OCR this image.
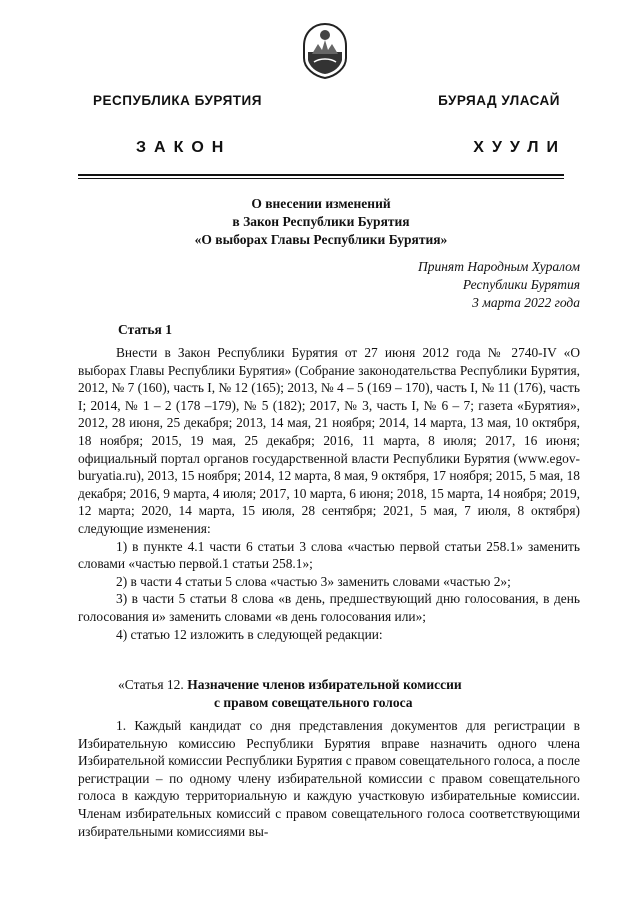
РЕСПУБЛИКА БУРЯТИЯ	БУРЯАД УЛАСАЙ
ЗАКОН	ХУУЛИ
О внесении изменений
в Закон Республики Бурятия
«О выборах Главы Республики Бурятия»
Принят Народным Хуралом
Республики Бурятия
3 марта 2022 года
Статья 1

Внести в Закон Республики Бурятия от 27 июня 2012 года № 2740-IV «О выборах Главы Республики Бурятия» (Собрание законодательства Республики Бурятия, 2012, № 7 (160), часть I, № 12 (165); 2013, № 4 – 5 (169 – 170), часть I, № 11 (176), часть I; 2014, № 1 – 2 (178 –179), № 5 (182); 2017, № 3, часть I, № 6 – 7; газета «Бурятия», 2012, 28 июня, 25 декабря; 2013, 14 мая, 21 ноября; 2014, 14 марта, 13 мая, 10 октября, 18 ноября; 2015, 19 мая, 25 декабря; 2016, 11 марта, 8 июля; 2017, 16 июня; официальный портал органов государственной власти Республики Бурятия (www.egov-buryatia.ru), 2013, 15 ноября; 2014, 12 марта, 8 мая, 9 октября, 17 ноября; 2015, 5 мая, 18 декабря; 2016, 9 марта, 4 июля; 2017, 10 марта, 6 июня; 2018, 15 марта, 14 ноября; 2019, 12 марта; 2020, 14 марта, 15 июля, 28 сентября; 2021, 5 мая, 7 июля, 8 октября) следующие изменения:

1) в пункте 4.1 части 6 статьи 3 слова «частью первой статьи 258.1» заменить словами «частью первой.1 статьи 258.1»;

2) в части 4 статьи 5 слова «частью 3» заменить словами «частью 2»;

3) в части 5 статьи 8 слова «в день, предшествующий дню голосования, в день голосования и» заменить словами «в день голосования или»;

4) статью 12 изложить в следующей редакции:

«Статья 12. Назначение членов избирательной комиссии
с правом совещательного голоса

1. Каждый кандидат со дня представления документов для регистрации в Избирательную комиссию Республики Бурятия вправе назначить одного члена Избирательной комиссии Республики Бурятия с правом совещательного голоса, а после регистрации – по одному члену избирательной комиссии с правом совещательного голоса в каждую территориальную и каждую участковую избирательные комиссии. Членам избирательных комиссий с правом совещательного голоса соответствующими избирательными комиссиями вы-
